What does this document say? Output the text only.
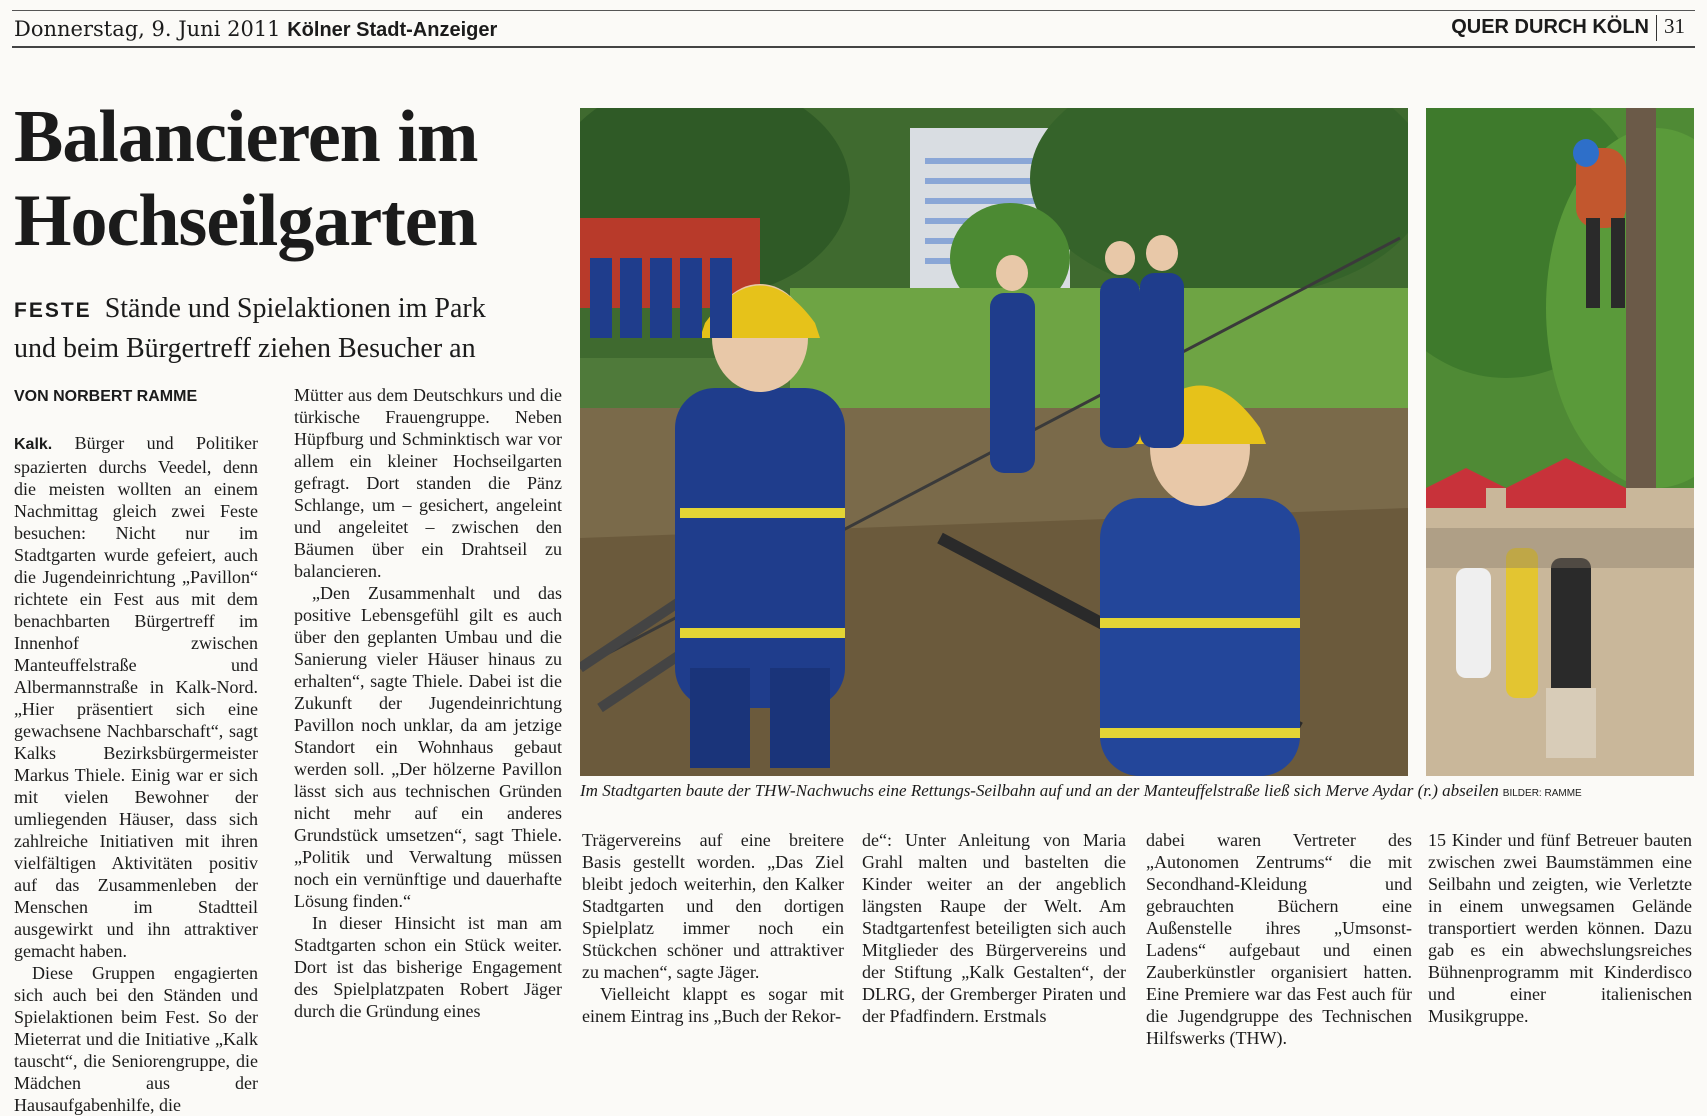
Donnerstag, 9. Juni 2011 Kölner Stadt-Anzeiger	QUER DURCH KÖLN 31
Balancieren im
Hochseilgarten
FESTE Stände und Spielaktionen im Park
und beim Bürgertreff ziehen Besucher an
VON NORBERT RAMME

Kalk. Bürger und Politiker spazierten durchs Veedel, denn die meisten wollten an einem Nachmittag gleich zwei Feste besuchen: Nicht nur im Stadtgarten wurde gefeiert, auch die Jugendeinrichtung „Pavillon“ richtete ein Fest aus mit dem benachbarten Bürgertreff im Innenhof zwischen Manteuffelstraße und Albermannstraße in Kalk-Nord. „Hier präsentiert sich eine gewachsene Nachbarschaft“, sagt Kalks Bezirksbürgermeister Markus Thiele. Einig war er sich mit vielen Bewohner der umliegenden Häuser, dass sich zahlreiche Initiativen mit ihren vielfältigen Aktivitäten positiv auf das Zusammenleben der Menschen im Stadtteil ausgewirkt und ihn attraktiver gemacht haben.

Diese Gruppen engagierten sich auch bei den Ständen und Spielaktionen beim Fest. So der Mieterrat und die Initiative „Kalk tauscht“, die Seniorengruppe, die Mädchen aus der Hausaufgabenhilfe, die

Mütter aus dem Deutschkurs und die türkische Frauengruppe. Neben Hüpfburg und Schminktisch war vor allem ein kleiner Hochseilgarten gefragt. Dort standen die Pänz Schlange, um – gesichert, angeleint und angeleitet – zwischen den Bäumen über ein Drahtseil zu balancieren.

„Den Zusammenhalt und das positive Lebensgefühl gilt es auch über den geplanten Umbau und die Sanierung vieler Häuser hinaus zu erhalten“, sagte Thiele. Dabei ist die Zukunft der Jugendeinrichtung Pavillon noch unklar, da am jetzige Standort ein Wohnhaus gebaut werden soll. „Der hölzerne Pavillon lässt sich aus technischen Gründen nicht mehr auf ein anderes Grundstück umsetzen“, sagt Thiele. „Politik und Verwaltung müssen noch ein vernünftige und dauerhafte Lösung finden.“

In dieser Hinsicht ist man am Stadtgarten schon ein Stück weiter. Dort ist das bisherige Engagement des Spielplatzpaten Robert Jäger durch die Gründung eines

Trägervereins auf eine breitere Basis gestellt worden. „Das Ziel bleibt jedoch weiterhin, den Kalker Stadtgarten und den dortigen Spielplatz immer noch ein Stückchen schöner und attraktiver zu machen“, sagte Jäger.

Vielleicht klappt es sogar mit einem Eintrag ins „Buch der Rekor-

de“: Unter Anleitung von Maria Grahl malten und bastelten die Kinder weiter an der angeblich längsten Raupe der Welt. Am Stadtgartenfest beteiligten sich auch Mitglieder des Bürgervereins und der Stiftung „Kalk Gestalten“, der DLRG, der Gremberger Piraten und der Pfadfindern. Erstmals

dabei waren Vertreter des „Autonomen Zentrums“ die mit Secondhand-Kleidung und gebrauchten Büchern eine Außenstelle ihres „Umsonst-Ladens“ aufgebaut und einen Zauberkünstler organisiert hatten. Eine Premiere war das Fest auch für die Jugendgruppe des Technischen Hilfswerks (THW).

15 Kinder und fünf Betreuer bauten zwischen zwei Baumstämmen eine Seilbahn und zeigten, wie Verletzte in einem unwegsamen Gelände transportiert werden können. Dazu gab es ein abwechslungsreiches Bühnenprogramm mit Kinderdisco und einer italienischen Musikgruppe.

Im Stadtgarten baute der THW-Nachwuchs eine Rettungs-Seilbahn auf und an der Manteuffelstraße ließ sich Merve Aydar (r.) abseilen BILDER: RAMME
